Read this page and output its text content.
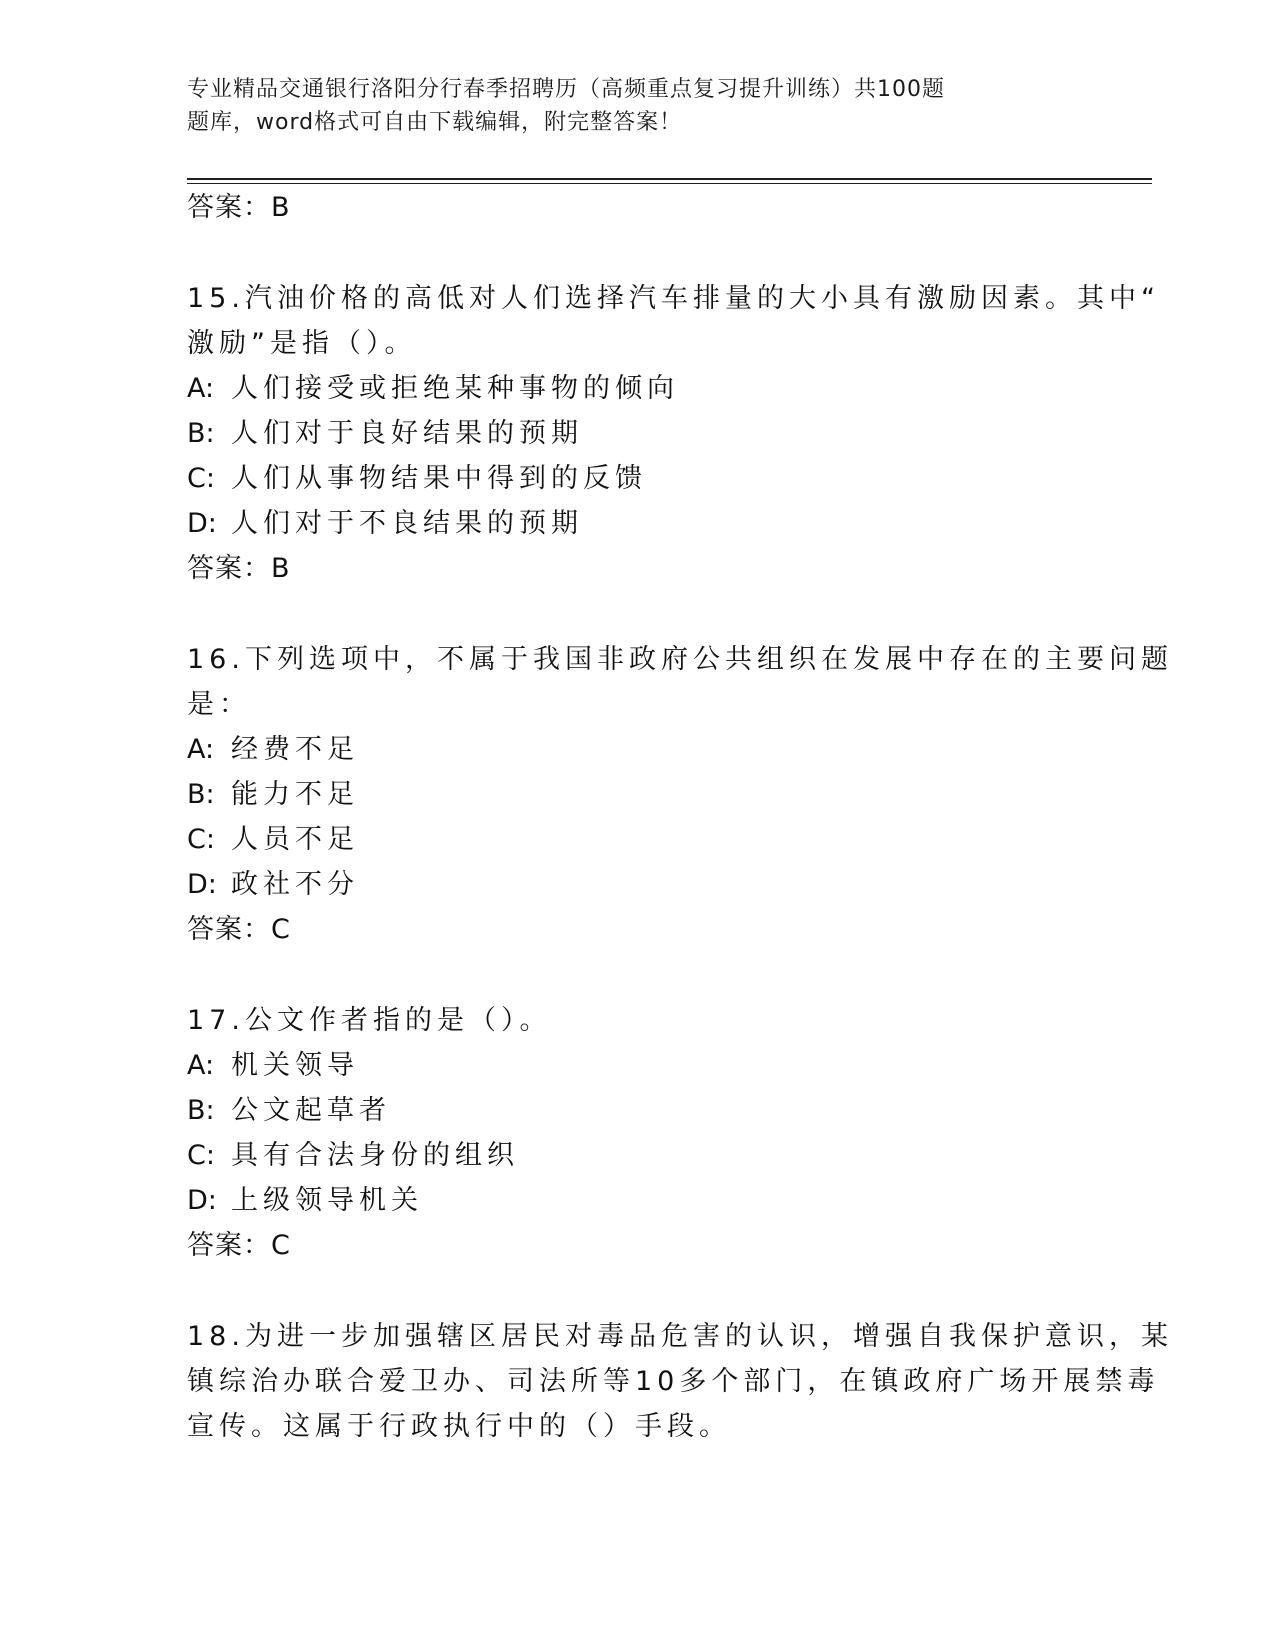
专业精品交通银行洛阳分行春季招聘历（高频重点复习提升训练）共100题
题库，word格式可自由下载编辑，附完整答案！
答案：B
15.汽油价格的高低对人们选择汽车排量的大小具有激励因素。其中“
激励”是指（）。
A: 人们接受或拒绝某种事物的倾向
B: 人们对于良好结果的预期
C: 人们从事物结果中得到的反馈
D: 人们对于不良结果的预期
答案：B
16.下列选项中，不属于我国非政府公共组织在发展中存在的主要问题
是：
A: 经费不足
B: 能力不足
C: 人员不足
D: 政社不分
答案：C
17.公文作者指的是（）。
A: 机关领导
B: 公文起草者
C: 具有合法身份的组织
D: 上级领导机关
答案：C
18.为进一步加强辖区居民对毒品危害的认识，增强自我保护意识，某
镇综治办联合爱卫办、司法所等10多个部门，在镇政府广场开展禁毒
宣传。这属于行政执行中的（）手段。
